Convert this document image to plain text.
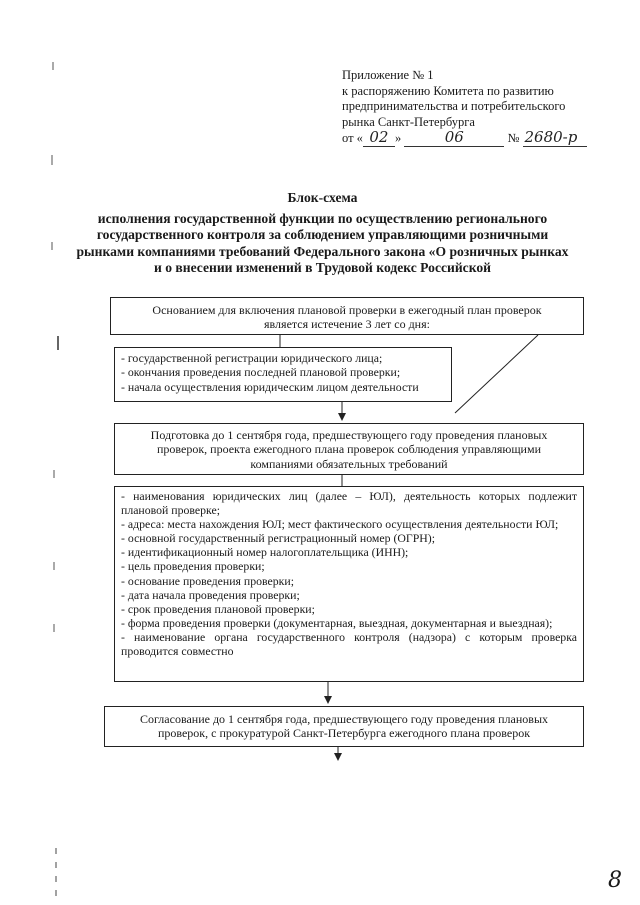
Приложение № 1
к распоряжению Комитета по развитию
предпринимательства и потребительского
рынка Санкт-Петербурга
от « 02 »	06	№ 2680-р
Блок-схема
исполнения государственной функции по осуществлению регионального
государственного контроля за соблюдением управляющими розничными
рынками компаниями требований Федерального закона «О розничных рынках
и о внесении изменений в Трудовой кодекс Российской
Основанием для включения плановой проверки в ежегодный план проверок
является истечение 3 лет со дня:
- государственной регистрации юридического лица;
- окончания проведения последней плановой проверки;
- начала осуществления юридическим лицом деятельности
Подготовка до 1 сентября года, предшествующего году проведения плановых
проверок, проекта ежегодного плана проверок соблюдения управляющими
компаниями обязательных требований
- наименования юридических лиц (далее – ЮЛ), деятельность которых подлежит плановой проверке;
- адреса: места нахождения ЮЛ; мест фактического осуществления деятельности ЮЛ;
- основной государственный регистрационный номер (ОГРН);
- идентификационный номер налогоплательщика (ИНН);
- цель проведения проверки;
- основание проведения проверки;
- дата начала проведения проверки;
- срок проведения плановой проверки;
- форма проведения проверки (документарная, выездная, документарная и выездная);
- наименование органа государственного контроля (надзора) с которым проверка проводится совместно
Согласование до 1 сентября года, предшествующего году проведения плановых
проверок, с прокуратурой Санкт-Петербурга ежегодного плана проверок
8
